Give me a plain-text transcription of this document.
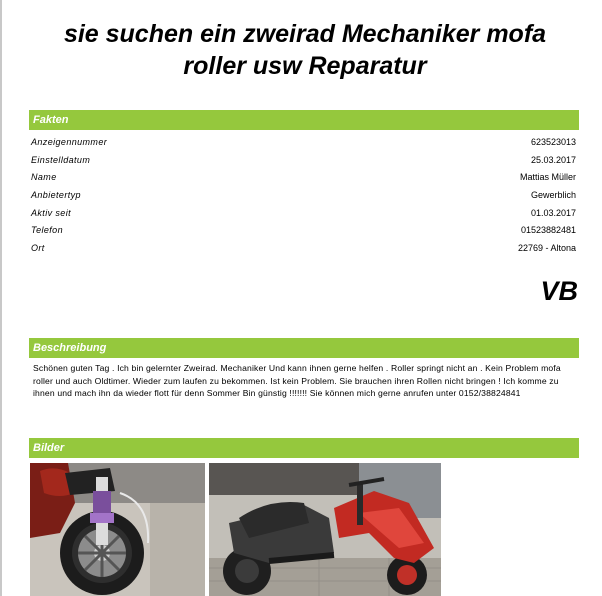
sie suchen ein zweirad Mechaniker mofa
roller usw Reparatur
Fakten
Anzeigennummer	623523013
Einstelldatum	25.03.2017
Name	Mattias Müller
Anbietertyp	Gewerblich
Aktiv seit	01.03.2017
Telefon	01523882481
Ort	22769 - Altona
VB
Beschreibung

Schönen guten Tag . Ich bin gelernter Zweirad. Mechaniker Und kann ihnen gerne helfen . Roller springt nicht an . Kein Problem mofa roller und auch Oldtimer. Wieder zum laufen zu bekommen. Ist kein Problem. Sie brauchen ihren Rollen nicht bringen ! Ich komme zu ihnen und mach ihn da wieder flott für denn Sommer Bin günstig !!!!!!! Sie können mich gerne anrufen unter 0152/38824841

Bilder
